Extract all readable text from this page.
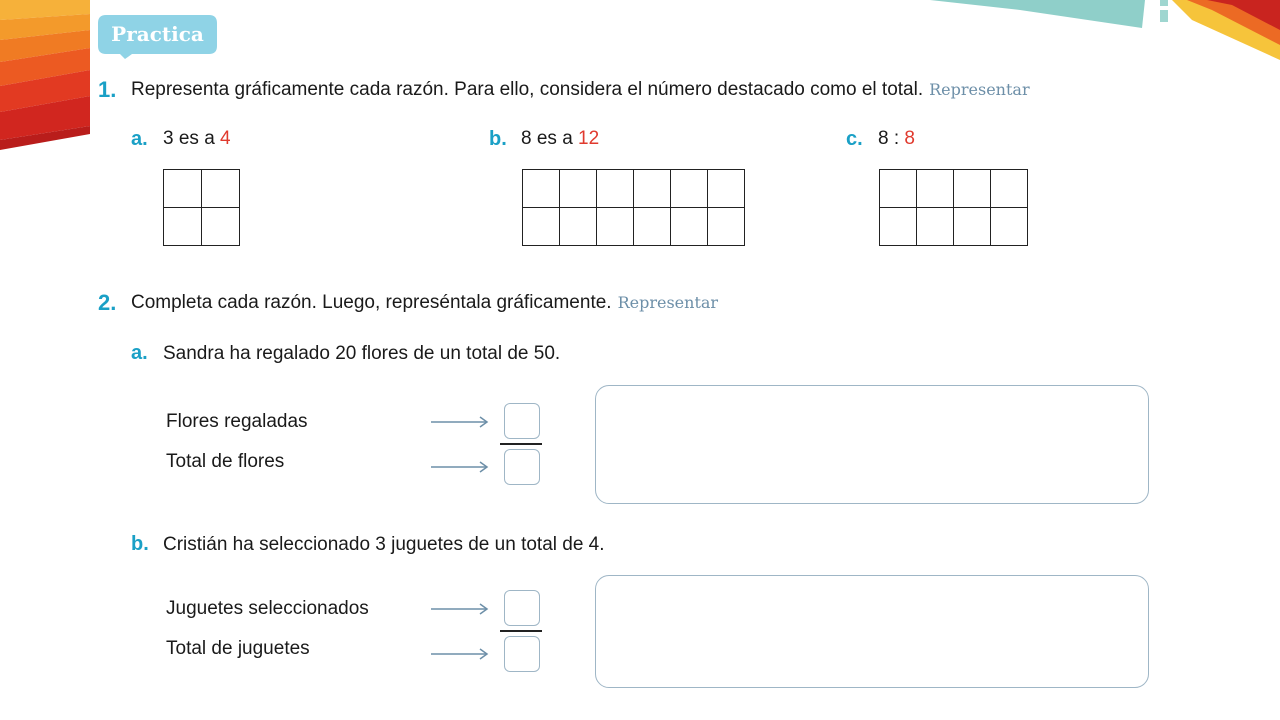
Practica
1. Representa gráficamente cada razón. Para ello, considera el número destacado como el total. Representar
a. 3 es a 4

		b. 8 es a 12

						c. 8 : 8

2. Completa cada razón. Luego, represéntala gráficamente. Representar
a. Sandra ha regalado 20 flores de un total de 50.
Flores regaladas
Total de flores
b. Cristián ha seleccionado 3 juguetes de un total de 4.
Juguetes seleccionados
Total de juguetes
